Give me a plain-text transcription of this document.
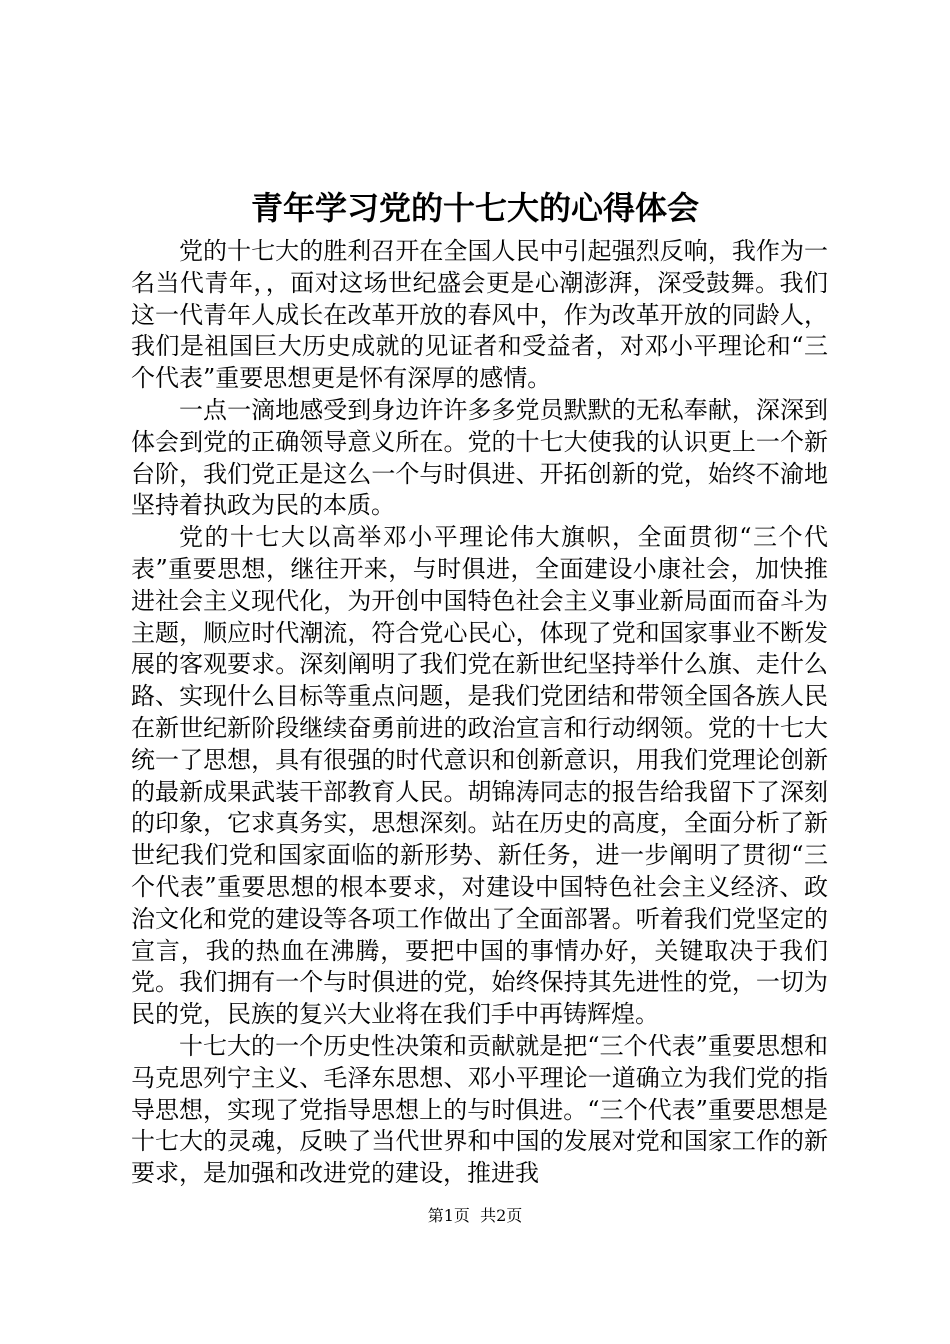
青年学习党的十七大的心得体会

党的十七大的胜利召开在全国人民中引起强烈反响，我作为一名当代青年，，面对这场世纪盛会更是心潮澎湃，深受鼓舞。我们这一代青年人成长在改革开放的春风中，作为改革开放的同龄人，我们是祖国巨大历史成就的见证者和受益者，对邓小平理论和“三个代表”重要思想更是怀有深厚的感情。

一点一滴地感受到身边许许多多党员默默的无私奉献，深深到体会到党的正确领导意义所在。党的十七大使我的认识更上一个新台阶，我们党正是这么一个与时俱进、开拓创新的党，始终不渝地坚持着执政为民的本质。

党的十七大以高举邓小平理论伟大旗帜，全面贯彻“三个代表”重要思想，继往开来，与时俱进，全面建设小康社会，加快推进社会主义现代化，为开创中国特色社会主义事业新局面而奋斗为主题，顺应时代潮流，符合党心民心，体现了党和国家事业不断发展的客观要求。深刻阐明了我们党在新世纪坚持举什么旗、走什么路、实现什么目标等重点问题，是我们党团结和带领全国各族人民在新世纪新阶段继续奋勇前进的政治宣言和行动纲领。党的十七大统一了思想，具有很强的时代意识和创新意识，用我们党理论创新的最新成果武装干部教育人民。胡锦涛同志的报告给我留下了深刻的印象，它求真务实，思想深刻。站在历史的高度，全面分析了新世纪我们党和国家面临的新形势、新任务，进一步阐明了贯彻“三个代表”重要思想的根本要求，对建设中国特色社会主义经济、政治文化和党的建设等各项工作做出了全面部署。听着我们党坚定的宣言，我的热血在沸腾，要把中国的事情办好，关键取决于我们党。我们拥有一个与时俱进的党，始终保持其先进性的党，一切为民的党，民族的复兴大业将在我们手中再铸辉煌。

十七大的一个历史性决策和贡献就是把“三个代表”重要思想和马克思列宁主义、毛泽东思想、邓小平理论一道确立为我们党的指导思想，实现了党指导思想上的与时俱进。“三个代表”重要思想是十七大的灵魂，反映了当代世界和中国的发展对党和国家工作的新要求，是加强和改进党的建设，推进我

第1页 共2页
